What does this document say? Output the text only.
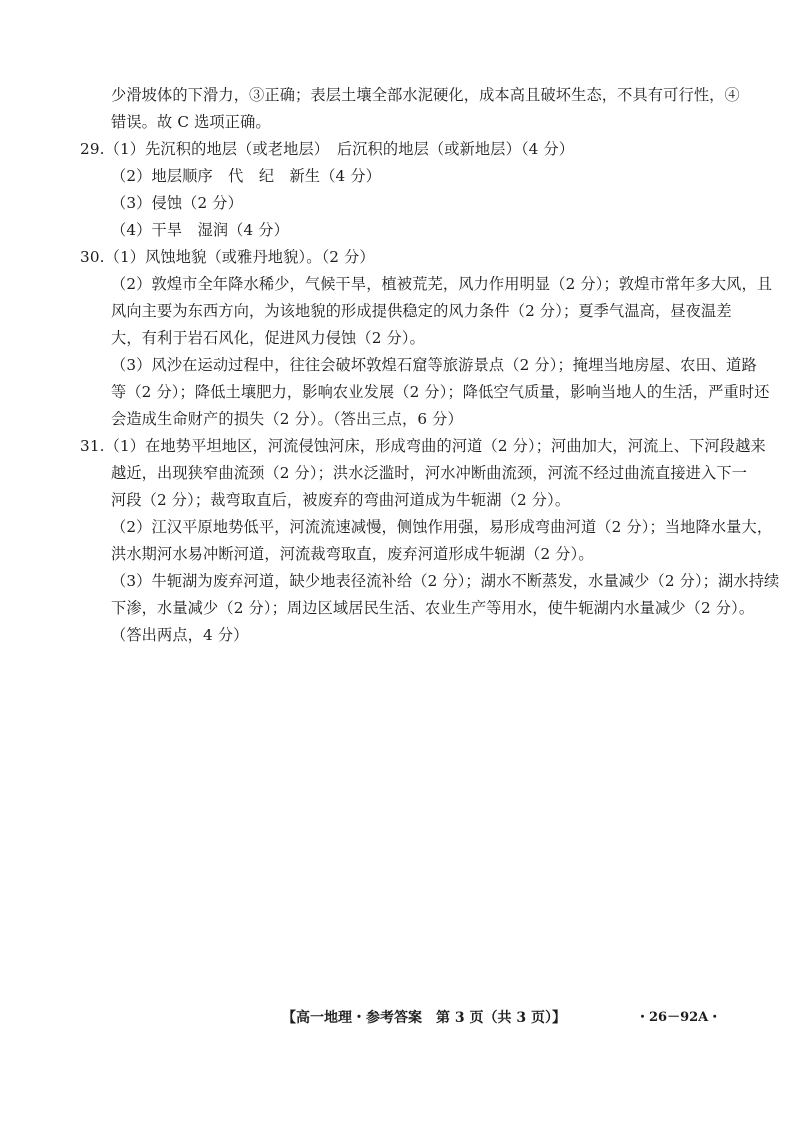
少滑坡体的下滑力，③正确；表层土壤全部水泥硬化，成本高且破坏生态，不具有可行性，④
错误。故 C 选项正确。
29.（1）先沉积的地层（或老地层）　后沉积的地层（或新地层）（4 分）
（2）地层顺序　代　纪　新生（4 分）
（3）侵蚀（2 分）
（4）干旱　湿润（4 分）
30.（1）风蚀地貌（或雅丹地貌）。（2 分）
（2）敦煌市全年降水稀少，气候干旱，植被荒芜，风力作用明显（2 分）；敦煌市常年多大风，且
风向主要为东西方向，为该地貌的形成提供稳定的风力条件（2 分）；夏季气温高，昼夜温差
大，有利于岩石风化，促进风力侵蚀（2 分）。
（3）风沙在运动过程中，往往会破坏敦煌石窟等旅游景点（2 分）；掩埋当地房屋、农田、道路
等（2 分）；降低土壤肥力，影响农业发展（2 分）；降低空气质量，影响当地人的生活，严重时还
会造成生命财产的损失（2 分）。（答出三点，6 分）
31.（1）在地势平坦地区，河流侵蚀河床，形成弯曲的河道（2 分）；河曲加大，河流上、下河段越来
越近，出现狭窄曲流颈（2 分）；洪水泛滥时，河水冲断曲流颈，河流不经过曲流直接进入下一
河段（2 分）；裁弯取直后，被废弃的弯曲河道成为牛轭湖（2 分）。
（2）江汉平原地势低平，河流流速减慢，侧蚀作用强，易形成弯曲河道（2 分）；当地降水量大，
洪水期河水易冲断河道，河流裁弯取直，废弃河道形成牛轭湖（2 分）。
（3）牛轭湖为废弃河道，缺少地表径流补给（2 分）；湖水不断蒸发，水量减少（2 分）；湖水持续
下渗，水量减少（2 分）；周边区域居民生活、农业生产等用水，使牛轭湖内水量减少（2 分）。
（答出两点，4 分）
【高一地理・参考答案　第 3 页（共 3 页）】	・26－92A・
